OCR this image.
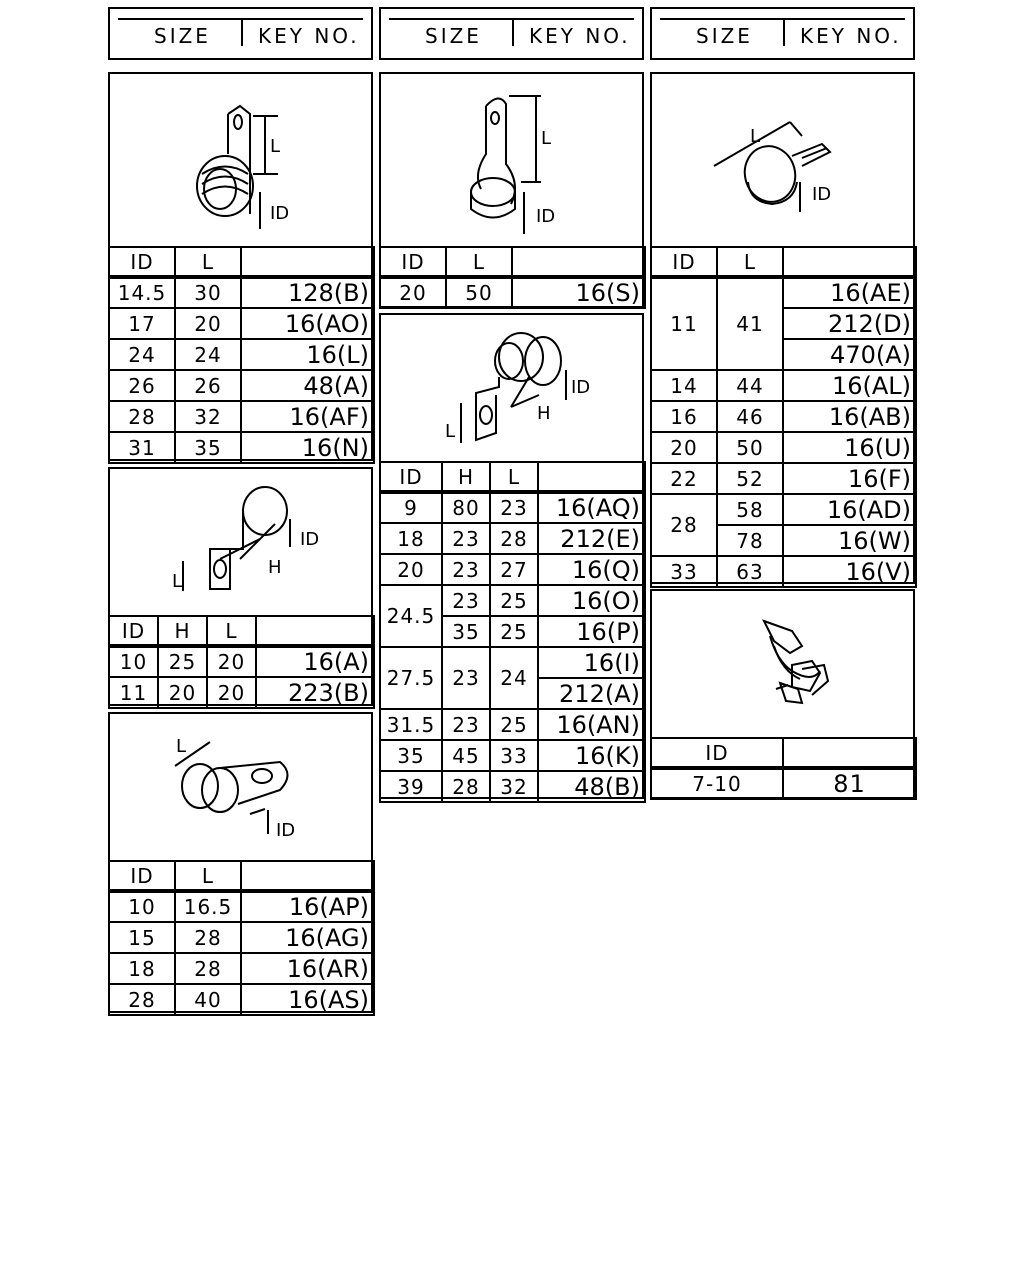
SIZE KEY NO.	SIZE KEY NO.	SIZE KEY NO.
L
ID
ID	L	
14.5	30	128(B)
17	20	16(AO)
24	24	16(L)
26	26	48(A)
28	32	16(AF)
31	35	16(N)
ID
L
H
ID	H	L	
10	25	20	16(A)
11	20	20	223(B)
L
ID
ID	L	
10	16.5	16(AP)
15	28	16(AG)
18	28	16(AR)
28	40	16(AS)
L
ID
ID	L	
20	50	16(S)
ID
L
H
ID	H	L	
9	80	23	16(AQ)
18	23	28	212(E)
20	23	27	16(Q)
24.5	23	25	16(O)
	35	25	16(P)
27.5	23	24	16(I)
			212(A)
31.5	23	25	16(AN)
35	45	33	16(K)
39	28	32	48(B)
L
ID
ID	L	
11	41	16(AE)
		212(D)
		470(A)
14	44	16(AL)
16	46	16(AB)
20	50	16(U)
22	52	16(F)
28	58	16(AD)
	78	16(W)
33	63	16(V)
ID	
7-10	81
